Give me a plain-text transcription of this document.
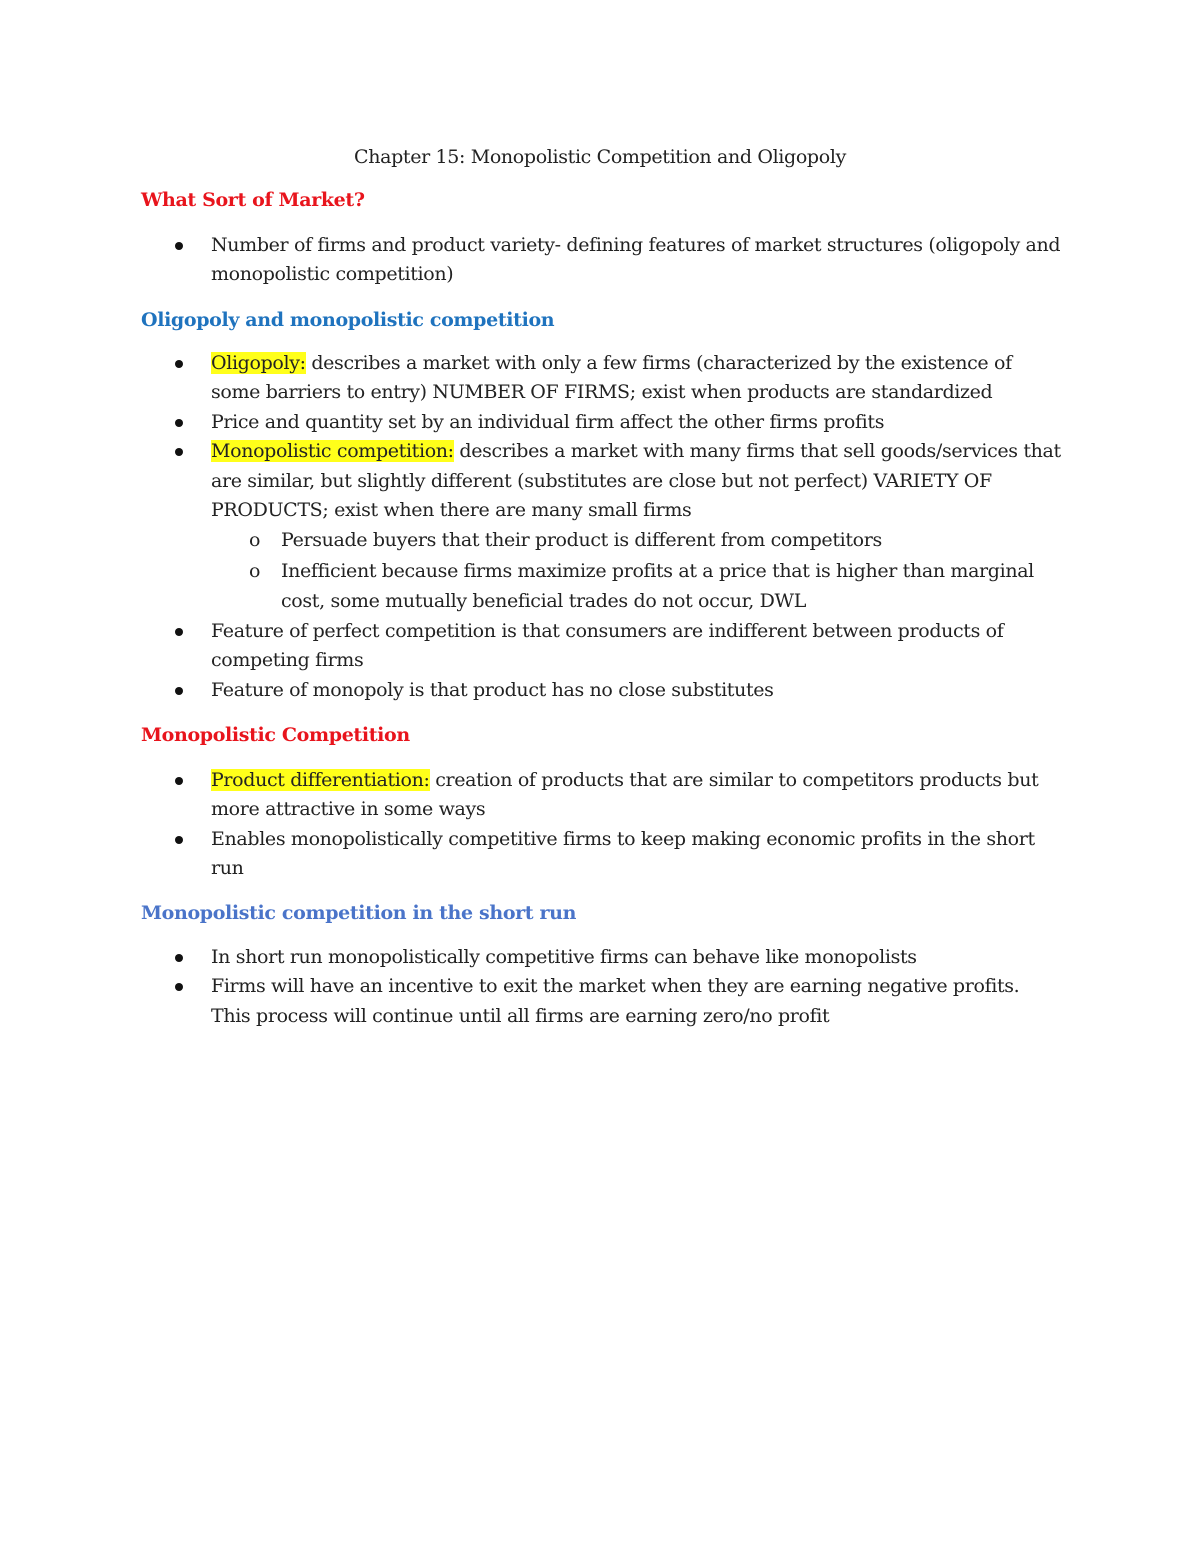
Chapter 15: Monopolistic Competition and Oligopoly
What Sort of Market?
Number of firms and product variety- defining features of market structures (oligopoly and monopolistic competition)
Oligopoly and monopolistic competition
Oligopoly: describes a market with only a few firms (characterized by the existence of some barriers to entry) NUMBER OF FIRMS; exist when products are standardized
Price and quantity set by an individual firm affect the other firms profits
Monopolistic competition: describes a market with many firms that sell goods/services that are similar, but slightly different (substitutes are close but not perfect) VARIETY OF PRODUCTS; exist when there are many small firms
o Persuade buyers that their product is different from competitors
o Inefficient because firms maximize profits at a price that is higher than marginal cost, some mutually beneficial trades do not occur, DWL
Feature of perfect competition is that consumers are indifferent between products of competing firms
Feature of monopoly is that product has no close substitutes
Monopolistic Competition
Product differentiation: creation of products that are similar to competitors products but more attractive in some ways
Enables monopolistically competitive firms to keep making economic profits in the short run
Monopolistic competition in the short run
In short run monopolistically competitive firms can behave like monopolists
Firms will have an incentive to exit the market when they are earning negative profits. This process will continue until all firms are earning zero/no profit
